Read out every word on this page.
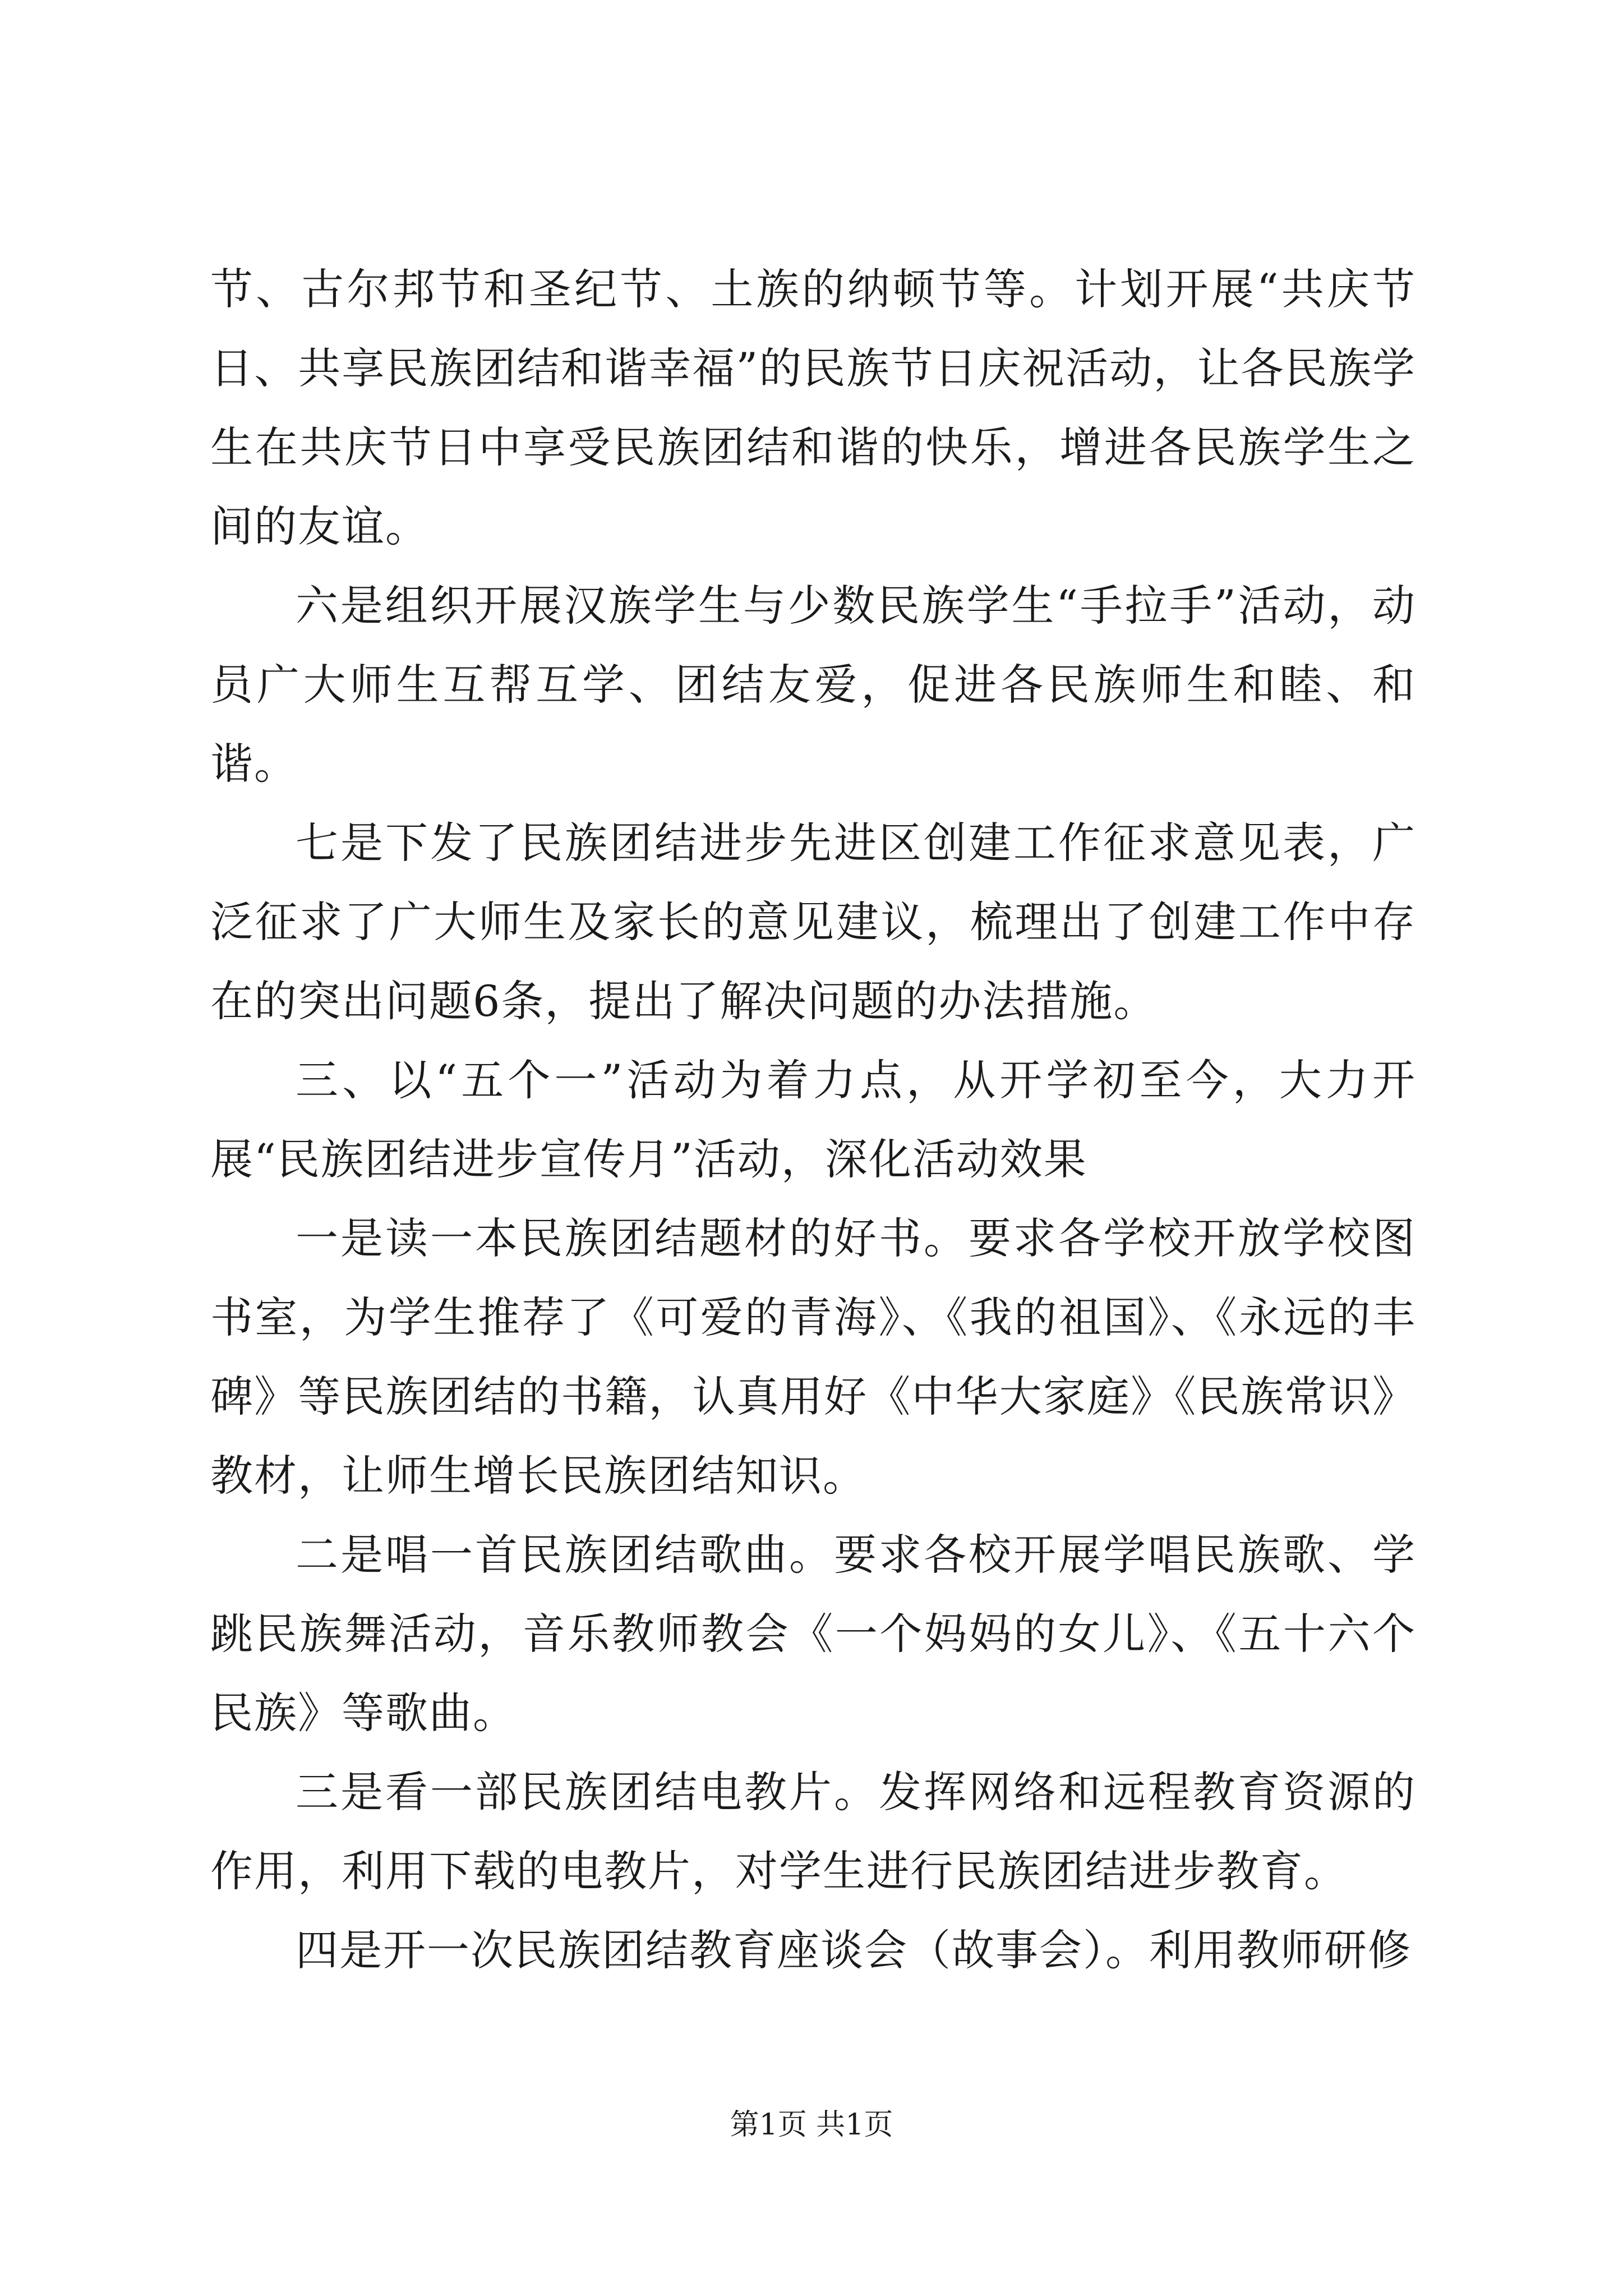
节、古尔邦节和圣纪节、土族的纳顿节等。计划开展“共庆节日、共享民族团结和谐幸福”的民族节日庆祝活动，让各民族学生在共庆节日中享受民族团结和谐的快乐，增进各民族学生之间的友谊。

六是组织开展汉族学生与少数民族学生“手拉手”活动，动员广大师生互帮互学、团结友爱，促进各民族师生和睦、和谐。

七是下发了民族团结进步先进区创建工作征求意见表，广泛征求了广大师生及家长的意见建议，梳理出了创建工作中存在的突出问题6条，提出了解决问题的办法措施。

三、以“五个一”活动为着力点，从开学初至今，大力开展“民族团结进步宣传月”活动，深化活动效果

一是读一本民族团结题材的好书。要求各学校开放学校图书室，为学生推荐了《可爱的青海》、《我的祖国》、《永远的丰碑》等民族团结的书籍，认真用好《中华大家庭》《民族常识》教材，让师生增长民族团结知识。

二是唱一首民族团结歌曲。要求各校开展学唱民族歌、学跳民族舞活动，音乐教师教会《一个妈妈的女儿》、《五十六个民族》等歌曲。

三是看一部民族团结电教片。发挥网络和远程教育资源的作用，利用下载的电教片，对学生进行民族团结进步教育。

四是开一次民族团结教育座谈会（故事会）。利用教师研修

第1页 共1页
